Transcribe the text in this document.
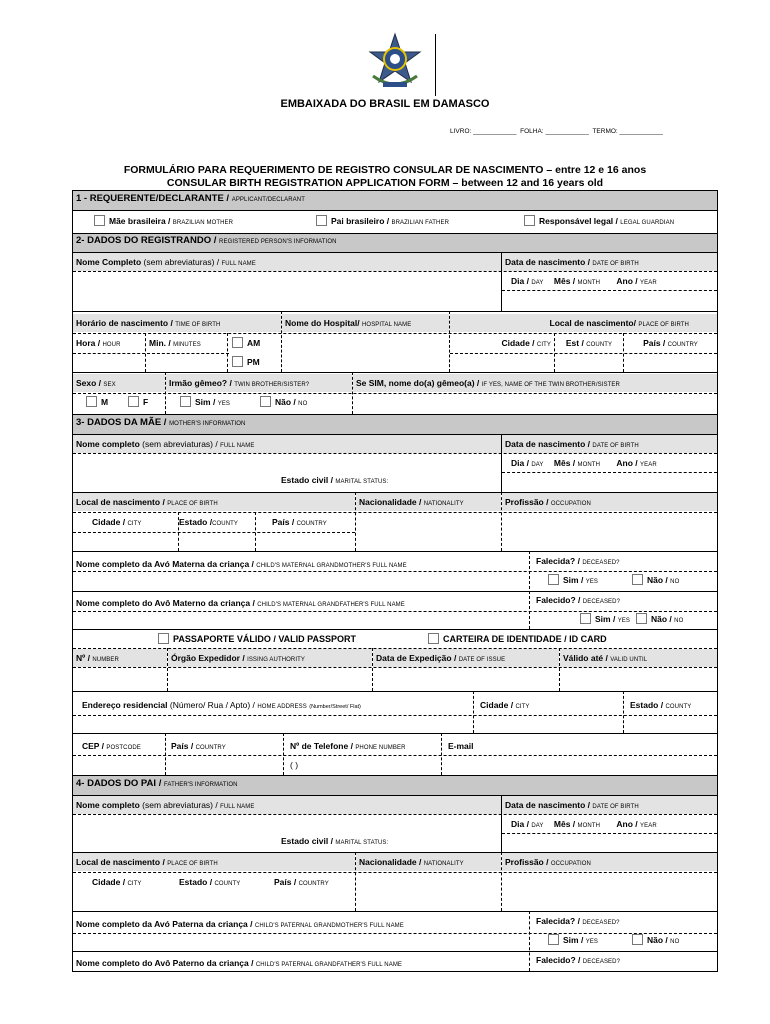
EMBAIXADA DO BRASIL EM DAMASCO
LIVRO: ____________ FOLHA: ____________ TERMO: ____________
FORMULÁRIO PARA REQUERIMENTO DE REGISTRO CONSULAR DE NASCIMENTO – entre 12 e 16 anos
CONSULAR BIRTH REGISTRATION APPLICATION FORM – between 12 and 16 years old
1 - REQUERENTE/DECLARANTE / APPLICANT/DECLARANT
Mãe brasileira / BRAZILIAN MOTHER	Pai brasileiro / BRAZILIAN FATHER	Responsável legal / LEGAL GUARDIAN
2- DADOS DO REGISTRANDO / REGISTERED PERSON'S INFORMATION
Nome Completo (sem abreviaturas) / FULL NAME	Data de nascimento / DATE OF BIRTH
Dia / DAY Mês / MONTH Ano / YEAR
Horário de nascimento / TIME OF BIRTH	Nome do Hospital/ HOSPITAL NAME	Local de nascimento/ PLACE OF BIRTH
Hora / HOUR	Min. / MINUTES	AM
PM
Cidade / CITY	Est / COUNTY	País / COUNTRY
Sexo / SEX	Irmão gêmeo? / TWIN BROTHER/SISTER?	Se SIM, nome do(a) gêmeo(a) / IF YES, NAME OF THE TWIN BROTHER/SISTER
M	F	Sim / YES	Não / NO
3- DADOS DA MÃE / MOTHER'S INFORMATION
Nome completo (sem abreviaturas) / FULL NAME	Data de nascimento / DATE OF BIRTH
Dia / DAY Mês / MONTH Ano / YEAR
Estado civil / MARITAL STATUS:
Local de nascimento / PLACE OF BIRTH	Nacionalidade / NATIONALITY	Profissão / OCCUPATION
Cidade / CITY	Estado /COUNTY	País / COUNTRY
Nome completo da Avó Materna da criança / CHILD'S MATERNAL GRANDMOTHER'S FULL NAME	Falecida? / DECEASED?
Sim / YES	Não / NO
Nome completo do Avô Materno da criança / CHILD'S MATERNAL GRANDFATHER'S FULL NAME	Falecido? / DECEASED?
Sim / YES	Não / NO
PASSAPORTE VÁLIDO / VALID PASSPORT	CARTEIRA DE IDENTIDADE / ID CARD
Nº / NUMBER	Órgão Expedidor / ISSING AUTHORITY	Data de Expedição / DATE OF ISSUE	Válido até / VALID UNTIL
Endereço residencial (Número/ Rua / Apto) / HOME ADDRESS (Number/Street/ Flat)	Cidade / CITY	Estado / COUNTY
CEP / POSTCODE	País / COUNTRY	Nº de Telefone / PHONE NUMBER	E-mail
( )
4- DADOS DO PAI / FATHER'S INFORMATION
Nome completo (sem abreviaturas) / FULL NAME	Data de nascimento / DATE OF BIRTH
Dia / DAY Mês / MONTH Ano / YEAR
Estado civil / MARITAL STATUS:
Local de nascimento / PLACE OF BIRTH	Nacionalidade / NATIONALITY	Profissão / OCCUPATION
Cidade / CITY	Estado / COUNTY	País / COUNTRY
Nome completo da Avó Paterna da criança / CHILD'S PATERNAL GRANDMOTHER'S FULL NAME	Falecida? / DECEASED?
Sim / YES	Não / NO
Nome completo do Avô Paterno da criança / CHILD'S PATERNAL GRANDFATHER'S FULL NAME	Falecido? / DECEASED?
